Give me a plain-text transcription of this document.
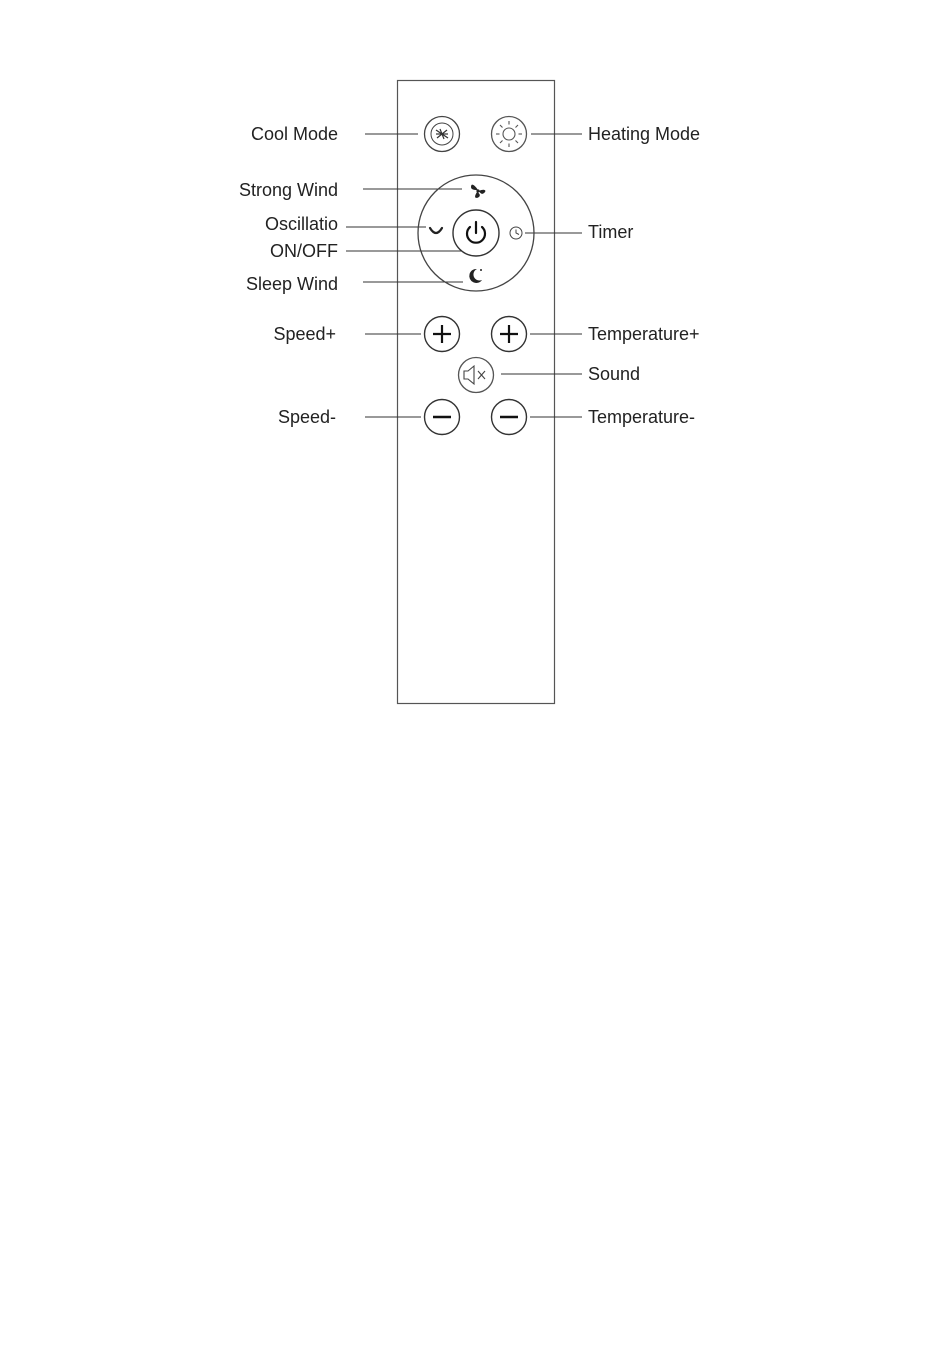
Cool Mode
Strong Wind
Oscillatio
ON/OFF
Sleep Wind
Speed+
Speed-
Heating Mode
Timer
Temperature+
Sound
Temperature-
